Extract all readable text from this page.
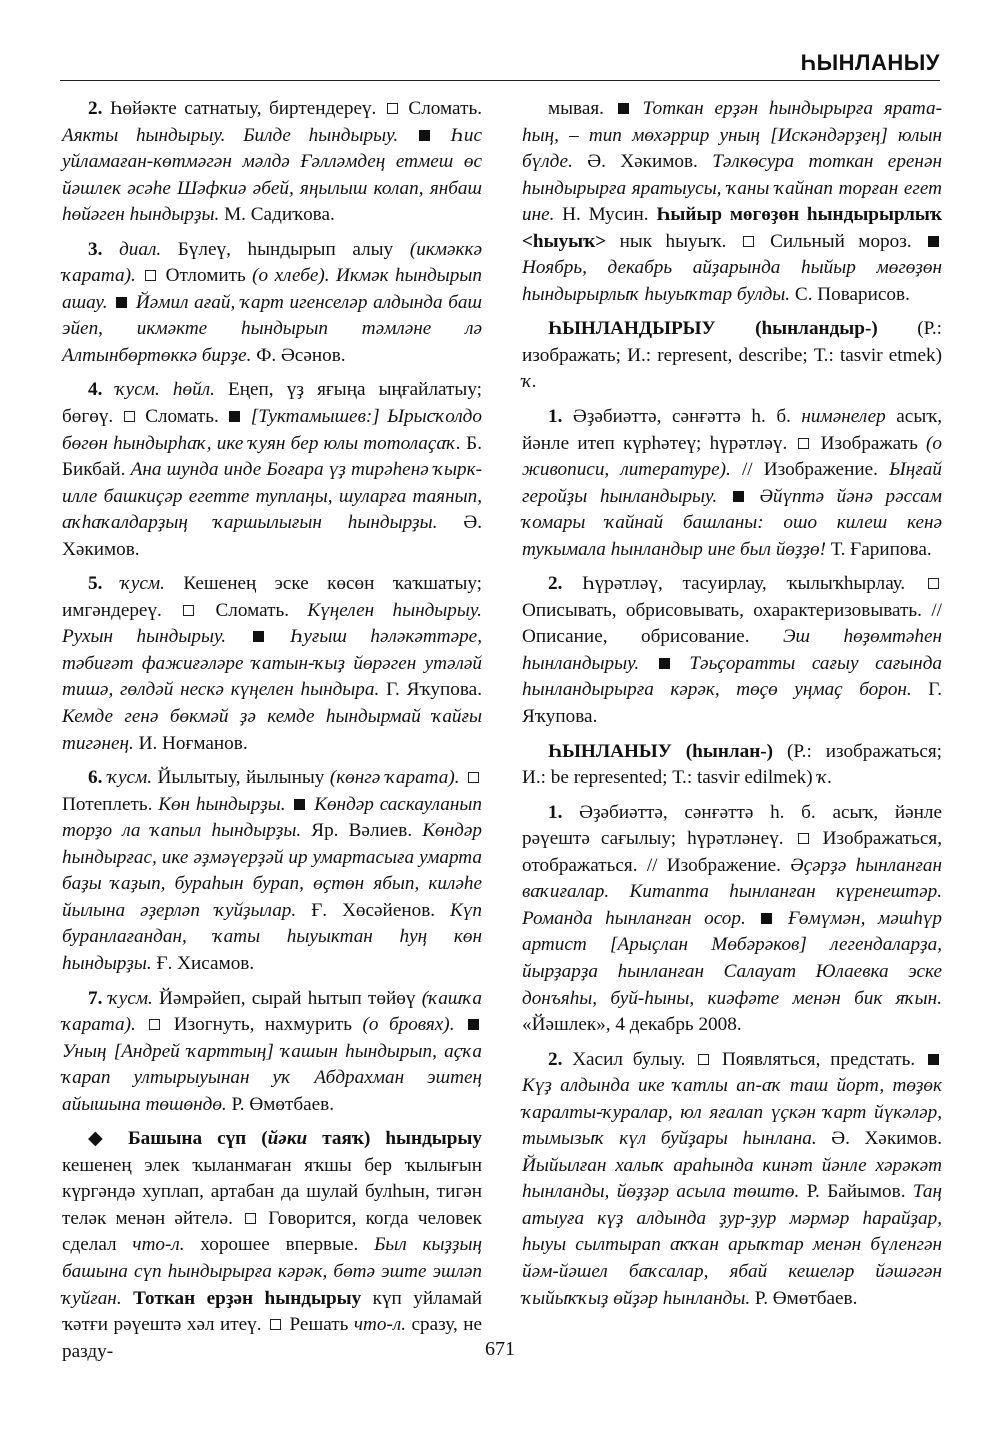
ҺЫНЛАНЫУ

2. Һөйәкте сатнатыу, биртендереү.  Сломать. Аякты һындырыу. Билде һындырыу.  Һис уйламаған-көтмәгән мәлдә Ғәлләмдең етмеш өс йәшлек әсәһе Шәфкиә әбей, яңылыш колап, янбаш һөйәген һындырҙы. М. Садиҡова.

3. диал. Бүлеү, һындырып алыу (икмәккә ҡарата).  Отломить (о хлебе). Икмәк һындырып ашау.  Йәмил ағай, ҡарт игенселәр алдында баш эйеп, икмәкте һындырып тәмләне лә Алтынбөртөккә бирҙе. Ф. Әсәнов.

4. ҡусм. һөйл. Еңеп, үҙ яғыңа ыңғайлатыу; бөгөү.  Сломать.  [Туктамышев:] Ырысҡолдо бөгөн һындырһаҡ, ике ҡуян бер юлы тотолаҫаҡ. Б. Бикбай. Ана шунда инде Боғара үҙ тирәһенә ҡырк-илле башкиҫәр егетте туплаңы, шуларға таянып, аҡһаҡалдарҙың ҡаршылығын һындырҙы. Ә. Хәкимов.

5. ҡусм. Кешенең эске көсөн ҡаҡшатыу; имгәндереү.  Сломать. Күңелен һындырыу. Рухын һындырыу.  Һуғыш һәләкәттәре, тәбиғәт фажиғәләре ҡатын-ҡыҙ йөрәген утәләй тишә, гөлдәй нескә күңелен һындыра. Г. Яҡупова. Кемде генә бөкмәй ҙә кемде һындырмай ҡайғы тигәнең. И. Ноғманов.

6. ҡусм. Йылытыу, йылыныу (көнгә ҡарата).  Потеплеть. Көн һындырҙы.  Көндәр саскауланып торҙо ла ҡапыл һындырҙы. Яр. Вәлиев. Көндәр һындырғас, ике әҙмәүерҙәй ир умартасыға умарта баҙы ҡаҙып, бураһын бурап, өҫтөн ябып, киләһе йылына әҙерләп ҡуйҙылар. Ғ. Хөсәйенов. Күп буранлағандан, ҡаты һыуыктан һуң көн һындырҙы. Ғ. Хисамов.

7. ҡусм. Йәмрәйеп, сырай һытып төйөү (ҡашҡа ҡарата).  Изогнуть, нахмурить (о бровях).  Уның [Андрей ҡарттың] ҡашын һындырып, аҫҡа ҡарап ултырыуынан уҡ Абдрахман эштең айышына төшөндө. Р. Өмөтбаев.

◆ Башына сүп (йәки таяҡ) һындырыу кешенең элек ҡыланмаған яҡшы бер ҡылығын күргәндә хуплап, артабан да шулай булһын, тигән теләк менән әйтелә.  Говорится, когда человек сделал что-л. хорошее впервые. Был кыҙҙың башына сүп һындырырға кәрәк, бөтә эште эшләп ҡуйған. Тоткан ерҙән һындырыу күп уйламай ҡәтғи рәүештә хәл итеү.  Решать что-л. сразу, не разду-

мывая.  Тоткан ерҙән һындырырға ярата-һың, – тип мөхәррир уның [Искәндәрҙең] юлын бүлде. Ә. Хәкимов. Тәлкөсура тоткан еренән һындырырға яратыусы, ҡаны ҡайнап торған егет ине. Н. Мусин. Һыйыр мөгөҙөн һындырырлыҡ <һыуыҡ> нык һыуыҡ.  Сильный мороз.  Ноябрь, декабрь айҙарында һыйыр мөгөҙөн һындырырлыҡ һыуыҡтар булды. С. Поварисов.

ҺЫНЛАНДЫРЫУ (һынландыр-) (Р.: изображать; И.: represent, describe; Т.: tasvir etmek) ҡ.

1. Әҙәбиәттә, сәнғәттә һ. б. нимәнелер асыҡ, йәнле итеп күрһәтеү; һүрәтләү.  Изображать (о живописи, литературе). // Изображение. Ыңғай геройҙы һынландырыу.  Әйүптә йәнә рәссам ҡомары ҡайнай башланы: ошо килеш кенә тукымала һынландыр ине был йөҙҙө! Т. Ғарипова.

2. Һүрәтләү, тасуирлау, ҡылыҡһырлау.  Описывать, обрисовывать, охарактеризовывать. // Описание, обрисование. Эш һөҙөмтәһен һынландырыу.  Тәьҫоратты сағыу сағында һынландырырға кәрәк, төҫө уңмаҫ борон. Г. Яҡупова.

ҺЫНЛАНЫУ (һынлан-) (Р.: изображаться; И.: be represented; Т.: tasvir edilmek) ҡ.

1. Әҙәбиәттә, сәнғәттә һ. б. асыҡ, йәнле рәүештә сағылыу; һүрәтләнеү.  Изображаться, отображаться. // Изображение. Әҫәрҙә һынланған ваҡиғалар. Китапта һынланған күренештәр. Романда һынланған осор.  Ғөмүмән, мәшһүр артист [Арыҫлан Мөбәрәков] легендаларҙа, йырҙарҙа һынланған Салауат Юлаевка эске донъяһы, буй-һыны, киәфәте менән бик яҡын. «Йәшлек», 4 декабрь 2008.

2. Хасил булыу.  Появляться, предстать.  Күҙ алдында ике ҡатлы ап-аҡ таш йорт, төҙөк ҡаралты-ҡуралар, юл яғалап үҫкән ҡарт йүкәләр, тымызыҡ күл буйҙары һынлана. Ә. Хәкимов. Йыйылған халыҡ араһында кинәт йәнле хәрәкәт һынланды, йөҙҙәр асыла төштө. Р. Байымов. Таң атыуға күҙ алдында ҙур-ҙур мәрмәр һарайҙар, һыуы сылтырап аҡҡан арыҡтар менән бүленгән йәм-йәшел баҡсалар, ябай кешеләр йәшәгән ҡыйыҡҡыҙ өйҙәр һынланды. Р. Өмөтбаев.

671
